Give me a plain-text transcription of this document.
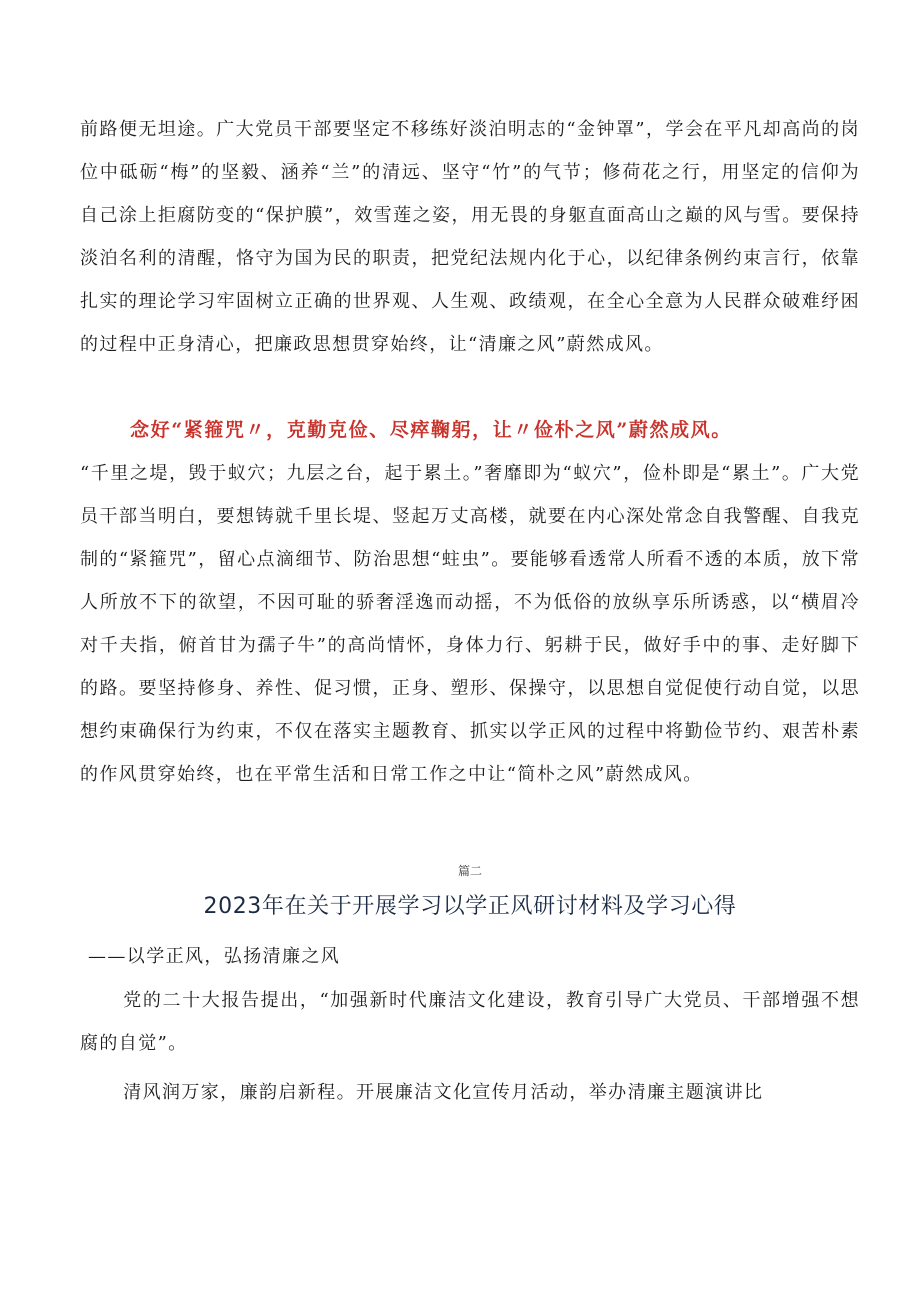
前路便无坦途。广大党员干部要坚定不移练好淡泊明志的“金钟罩”，学会在平凡却高尚的岗位中砥砺“梅”的坚毅、涵养“兰”的清远、坚守“竹”的气节；修荷花之行，用坚定的信仰为自己涂上拒腐防变的“保护膜”，效雪莲之姿，用无畏的身躯直面高山之巅的风与雪。要保持淡泊名利的清醒，恪守为国为民的职责，把党纪法规内化于心，以纪律条例约束言行，依靠扎实的理论学习牢固树立正确的世界观、人生观、政绩观，在全心全意为人民群众破难纾困的过程中正身清心，把廉政思想贯穿始终，让“清廉之风”蔚然成风。

念好“紧箍咒〃，克勤克俭、尽瘁鞠躬，让〃俭朴之风”蔚然成风。

“千里之堤，毁于蚁穴；九层之台，起于累土。”奢靡即为“蚁穴”，俭朴即是“累土”。广大党员干部当明白，要想铸就千里长堤、竖起万丈高楼，就要在内心深处常念自我警醒、自我克制的“紧箍咒”，留心点滴细节、防治思想“蛀虫”。要能够看透常人所看不透的本质，放下常人所放不下的欲望，不因可耻的骄奢淫逸而动摇，不为低俗的放纵享乐所诱惑，以“横眉冷对千夫指，俯首甘为孺子牛”的高尚情怀，身体力行、躬耕于民，做好手中的事、走好脚下的路。要坚持修身、养性、促习惯，正身、塑形、保操守，以思想自觉促使行动自觉，以思想约束确保行为约束，不仅在落实主题教育、抓实以学正风的过程中将勤俭节约、艰苦朴素的作风贯穿始终，也在平常生活和日常工作之中让“简朴之风”蔚然成风。

篇二

2023年在关于开展学习以学正风研讨材料及学习心得

——以学正风，弘扬清廉之风

党的二十大报告提出，“加强新时代廉洁文化建设，教育引导广大党员、干部增强不想腐的自觉”。

清风润万家，廉韵启新程。开展廉洁文化宣传月活动，举办清廉主题演讲比
